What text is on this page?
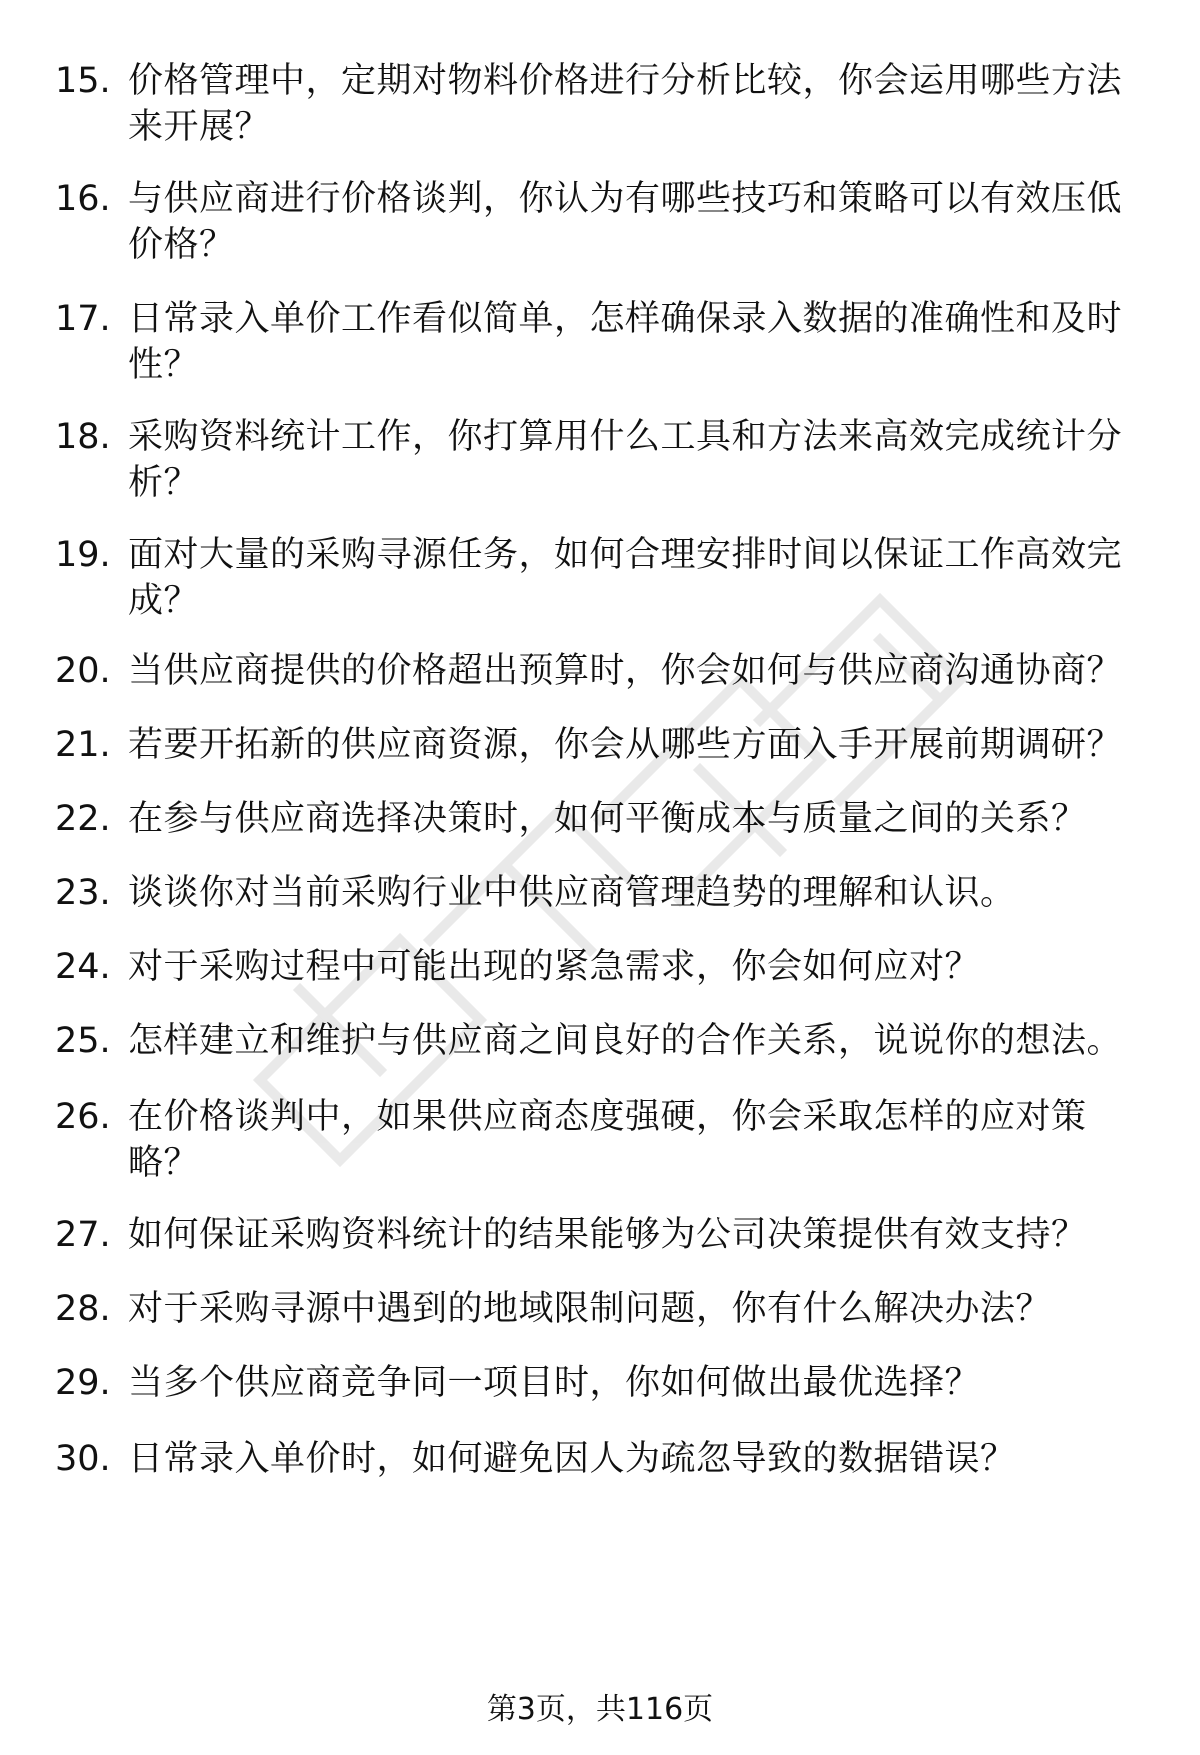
15. 价格管理中，定期对物料价格进行分析比较，你会运用哪些方法来开展？
16. 与供应商进行价格谈判，你认为有哪些技巧和策略可以有效压低价格？
17. 日常录入单价工作看似简单，怎样确保录入数据的准确性和及时性？
18. 采购资料统计工作，你打算用什么工具和方法来高效完成统计分析？
19. 面对大量的采购寻源任务，如何合理安排时间以保证工作高效完成？
20. 当供应商提供的价格超出预算时，你会如何与供应商沟通协商？
21. 若要开拓新的供应商资源，你会从哪些方面入手开展前期调研？
22. 在参与供应商选择决策时，如何平衡成本与质量之间的关系？
23. 谈谈你对当前采购行业中供应商管理趋势的理解和认识。
24. 对于采购过程中可能出现的紧急需求，你会如何应对？
25. 怎样建立和维护与供应商之间良好的合作关系，说说你的想法。
26. 在价格谈判中，如果供应商态度强硬，你会采取怎样的应对策略？
27. 如何保证采购资料统计的结果能够为公司决策提供有效支持？
28. 对于采购寻源中遇到的地域限制问题，你有什么解决办法？
29. 当多个供应商竞争同一项目时，你如何做出最优选择？
30. 日常录入单价时，如何避免因人为疏忽导致的数据错误？
第3页，共116页
